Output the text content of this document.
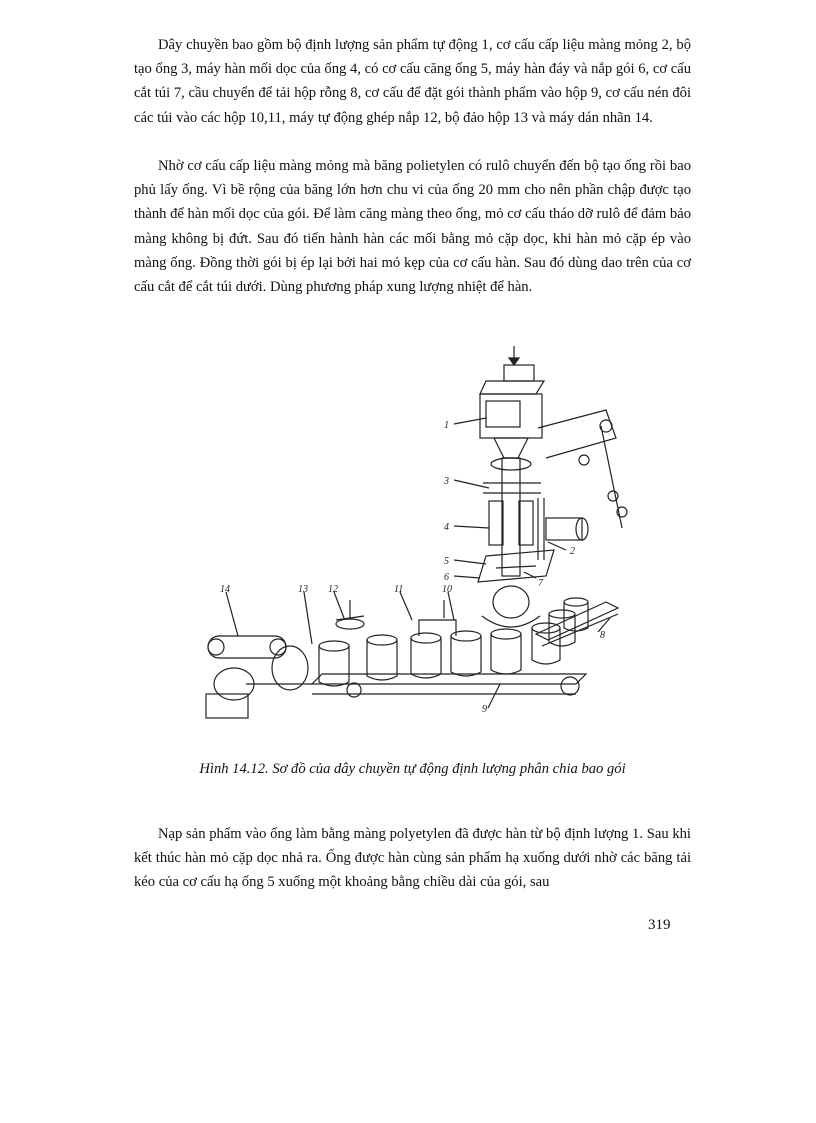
Dây chuyền bao gồm bộ định lượng sản phẩm tự động 1, cơ cấu cấp liệu màng mỏng 2, bộ tạo ống 3, máy hàn mối dọc của ống 4, có cơ cấu căng ống 5, máy hàn đáy và nắp gói 6, cơ cấu cắt túi 7, cầu chuyển để tải hộp rỗng 8, cơ cấu để đặt gói thành phẩm vào hộp 9, cơ cấu nén đôi các túi vào các hộp 10,11, máy tự động ghép nắp 12, bộ đảo hộp 13 và máy dán nhãn 14.

Nhờ cơ cấu cấp liệu màng mỏng mà băng polietylen có rulô chuyển đến bộ tạo ống rồi bao phủ lấy ống. Vì bề rộng của băng lớn hơn chu vi của ống 20 mm cho nên phần chập được tạo thành để hàn mối dọc của gói. Để làm căng màng theo ống, mỏ cơ cấu tháo dỡ rulô để đảm bảo màng không bị đứt. Sau đó tiến hành hàn các mối bằng mỏ cặp dọc, khi hàn mỏ cặp ép vào màng ống. Đồng thời gói bị ép lại bởi hai mỏ kẹp của cơ cấu hàn. Sau đó dùng dao trên của cơ cấu cắt để cắt túi dưới. Dùng phương pháp xung lượng nhiệt để hàn.

1
2
3
4
5
6
7
8
9
10
11
12
13
14

Hình 14.12. Sơ đồ của dây chuyền tự động định lượng phân chia bao gói

Nạp sản phẩm vào ống làm bằng màng polyetylen đã được hàn từ bộ định lượng 1. Sau khi kết thúc hàn mỏ cặp dọc nhả ra. Ống được hàn cùng sản phẩm hạ xuống dưới nhờ các băng tải kéo của cơ cấu hạ ống 5 xuống một khoảng bằng chiều dài của gói, sau

319
